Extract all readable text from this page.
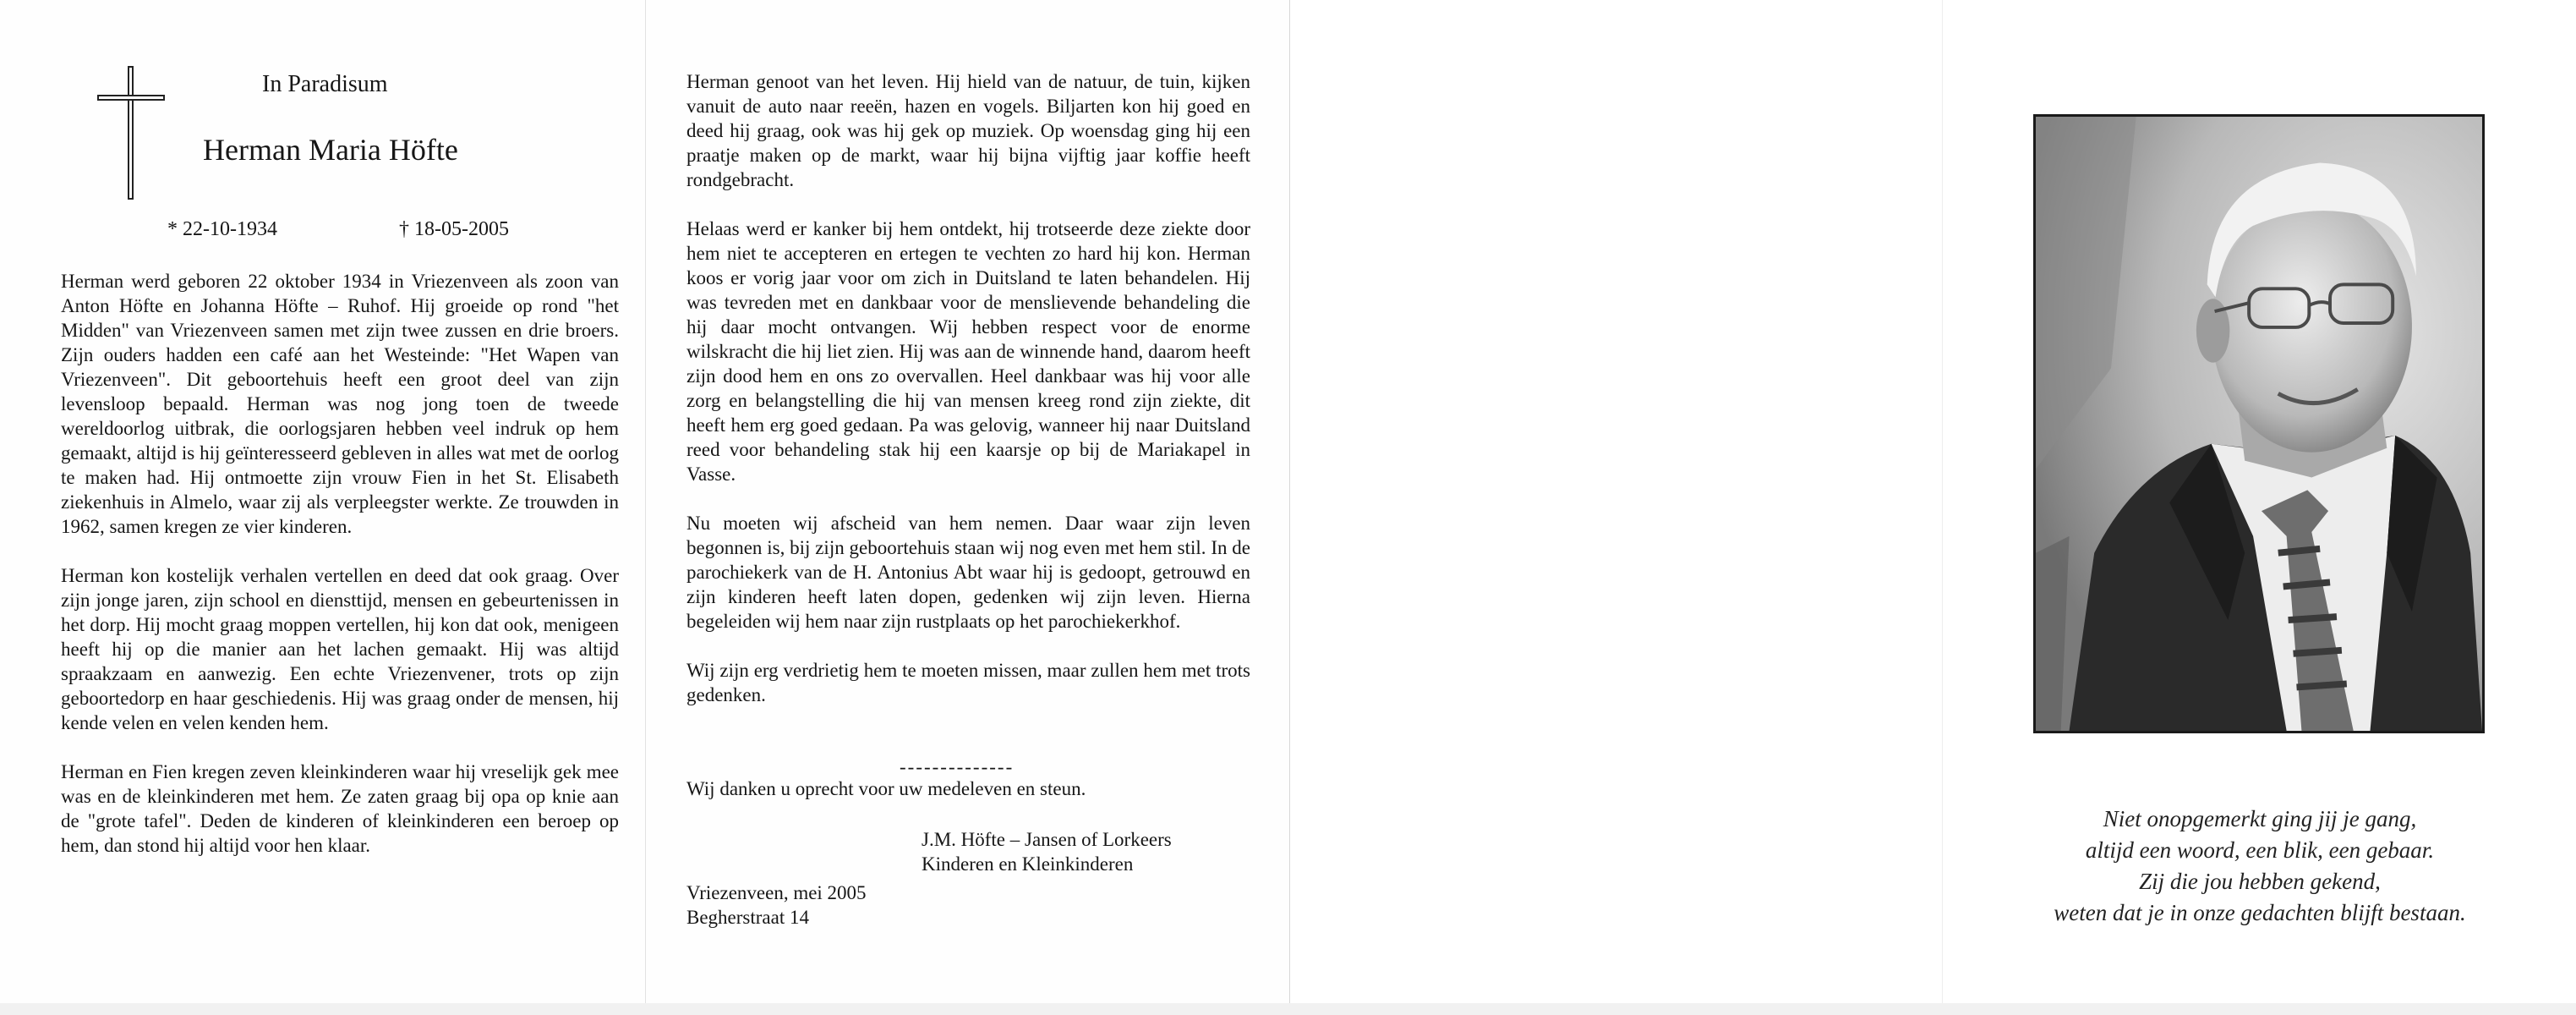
In Paradisum
Herman Maria Höfte
* 22-10-1934	† 18-05-2005

Herman werd geboren 22 oktober 1934 in Vriezenveen als zoon van Anton Höfte en Johanna Höfte – Ruhof. Hij groeide op rond "het Midden" van Vriezenveen samen met zijn twee zussen en drie broers. Zijn ouders hadden een café aan het Westeinde: "Het Wapen van Vriezenveen". Dit geboortehuis heeft een groot deel van zijn levensloop bepaald. Herman was nog jong toen de tweede wereldoorlog uitbrak, die oorlogsjaren hebben veel indruk op hem gemaakt, altijd is hij geïnteresseerd gebleven in alles wat met de oorlog te maken had. Hij ontmoette zijn vrouw Fien in het St. Elisabeth ziekenhuis in Almelo, waar zij als verpleegster werkte. Ze trouwden in 1962, samen kregen ze vier kinderen.

Herman kon kostelijk verhalen vertellen en deed dat ook graag. Over zijn jonge jaren, zijn school en diensttijd, mensen en gebeurtenissen in het dorp. Hij mocht graag moppen vertellen, hij kon dat ook, menigeen heeft hij op die manier aan het lachen gemaakt. Hij was altijd spraakzaam en aanwezig. Een echte Vriezenvener, trots op zijn geboortedorp en haar geschiedenis. Hij was graag onder de mensen, hij kende velen en velen kenden hem.

Herman en Fien kregen zeven kleinkinderen waar hij vreselijk gek mee was en de kleinkinderen met hem. Ze zaten graag bij opa op knie aan de "grote tafel". Deden de kinderen of kleinkinderen een beroep op hem, dan stond hij altijd voor hen klaar.

Herman genoot van het leven. Hij hield van de natuur, de tuin, kijken vanuit de auto naar reeën, hazen en vogels. Biljarten kon hij goed en deed hij graag, ook was hij gek op muziek. Op woensdag ging hij een praatje maken op de markt, waar hij bijna vijftig jaar koffie heeft rondgebracht.

Helaas werd er kanker bij hem ontdekt, hij trotseerde deze ziekte door hem niet te accepteren en ertegen te vechten zo hard hij kon. Herman koos er vorig jaar voor om zich in Duitsland te laten behandelen. Hij was tevreden met en dankbaar voor de menslievende behandeling die hij daar mocht ontvangen. Wij hebben respect voor de enorme wilskracht die hij liet zien. Hij was aan de winnende hand, daarom heeft zijn dood hem en ons zo overvallen. Heel dankbaar was hij voor alle zorg en belangstelling die hij van mensen kreeg rond zijn ziekte, dit heeft hem erg goed gedaan. Pa was gelovig, wanneer hij naar Duitsland reed voor behandeling stak hij een kaarsje op bij de Mariakapel in Vasse.

Nu moeten wij afscheid van hem nemen. Daar waar zijn leven begonnen is, bij zijn geboortehuis staan wij nog even met hem stil. In de parochiekerk van de H. Antonius Abt waar hij is gedoopt, getrouwd en zijn kinderen heeft laten dopen, gedenken wij zijn leven. Hierna begeleiden wij hem naar zijn rustplaats op het parochiekerkhof.

Wij zijn erg verdrietig hem te moeten missen, maar zullen hem met trots gedenken.

--------------
Wij danken u oprecht voor uw medeleven en steun.
J.M. Höfte – Jansen of Lorkeers
Kinderen en Kleinkinderen
Vriezenveen, mei 2005
Begherstraat 14
Niet onopgemerkt ging jij je gang,
altijd een woord, een blik, een gebaar.
Zij die jou hebben gekend,
weten dat je in onze gedachten blijft bestaan.
